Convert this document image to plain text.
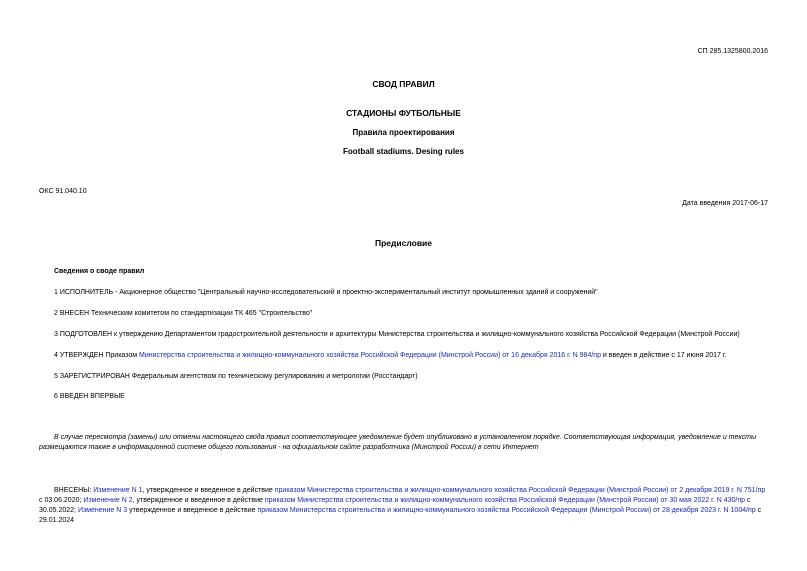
СП 285.1325800.2016
СВОД ПРАВИЛ
СТАДИОНЫ ФУТБОЛЬНЫЕ
Правила проектирования
Football stadiums. Desing rules
ОКС 91.040.10
Дата введения 2017-06-17
Предисловие
Сведения о своде правил
1 ИСПОЛНИТЕЛЬ - Акционерное общество "Центральный научно-исследовательский и проектно-экспериментальный институт промышленных зданий и сооружений"
2 ВНЕСЕН Техническим комитетом по стандартизации ТК 465 "Строительство"
3 ПОДГОТОВЛЕН к утверждению Департаментом градостроительной деятельности и архитектуры Министерства строительства и жилищно-коммунального хозяйства Российской Федерации (Минстрой России)
4 УТВЕРЖДЕН Приказом Министерства строительства и жилищно-коммунального хозяйства Российской Федерации (Минстрой России) от 16 декабря 2016 г. N 984/пр и введен в действие с 17 июня 2017 г.
5 ЗАРЕГИСТРИРОВАН Федеральным агентством по техническому регулированию и метрологии (Росстандарт)
6 ВВЕДЕН ВПЕРВЫЕ
В случае пересмотра (замены) или отмены настоящего свода правил соответствующее уведомление будет опубликовано в установленном порядке. Соответствующая информация, уведомление и тексты размещаются также в информационной системе общего пользования - на официальном сайте разработчика (Минстрой России) в сети Интернет
ВНЕСЕНЫ: Изменение N 1, утвержденное и введенное в действие приказом Министерства строительства и жилищно-коммунального хозяйства Российской Федерации (Минстрой России) от 2 декабря 2019 г. N 751/пр с 03.06.2020; Изменение N 2, утвержденное и введенное в действие приказом Министерства строительства и жилищно-коммунального хозяйства Российской Федерации (Минстрой России) от 30 мая 2022 г. N 430/пр с 30.05.2022; Изменение N 3 утвержденное и введенное в действие приказом Министерства строительства и жилищно-коммунального хозяйства Российской Федерации (Минстрой России) от 28 декабря 2023 г. N 1004/пр с 29.01.2024
